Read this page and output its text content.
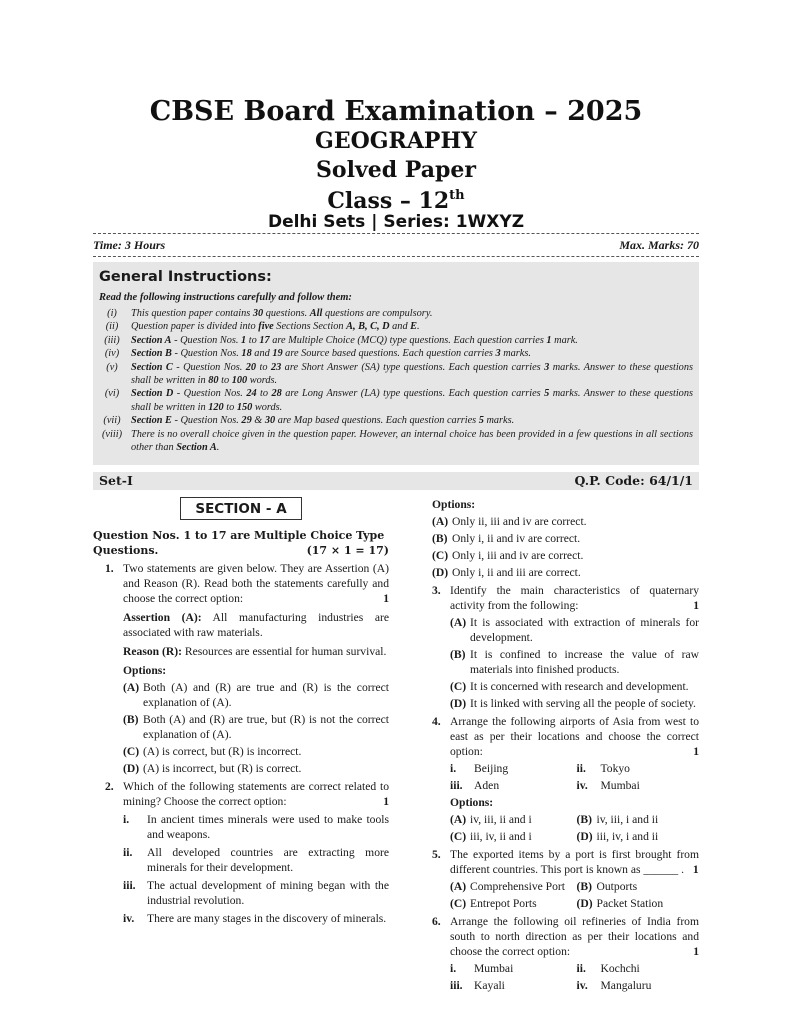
CBSE Board Examination – 2025
GEOGRAPHY
Solved Paper
Class – 12th
Delhi Sets | Series: 1WXYZ
Time: 3 Hours	Max. Marks: 70
General Instructions:
Read the following instructions carefully and follow them:
(i)	This question paper contains 30 questions. All questions are compulsory.
(ii)	Question paper is divided into five Sections Section A, B, C, D and E.
(iii)	Section A - Question Nos. 1 to 17 are Multiple Choice (MCQ) type questions. Each question carries 1 mark.
(iv)	Section B - Question Nos. 18 and 19 are Source based questions. Each question carries 3 marks.
(v)	Section C - Question Nos. 20 to 23 are Short Answer (SA) type questions. Each question carries 3 marks. Answer to these questions shall be written in 80 to 100 words.
(vi)	Section D - Question Nos. 24 to 28 are Long Answer (LA) type questions. Each question carries 5 marks. Answer to these questions shall be written in 120 to 150 words.
(vii)	Section E - Question Nos. 29 & 30 are Map based questions. Each question carries 5 marks.
(viii) There is no overall choice given in the question paper. However, an internal choice has been provided in a few questions in all sections other than Section A.
Set-I	Q.P. Code: 64/1/1
SECTION - A
Question Nos. 1 to 17 are Multiple Choice Type
Questions.	(17 × 1 = 17)
1. Two statements are given below. They are Assertion (A) and Reason (R). Read both the statements carefully and choose the correct option:	1
Assertion (A): All manufacturing industries are associated with raw materials.
Reason (R): Resources are essential for human survival.
Options:
(A) Both (A) and (R) are true and (R) is the correct explanation of (A).
(B) Both (A) and (R) are true, but (R) is not the correct explanation of (A).
(C) (A) is correct, but (R) is incorrect.
(D) (A) is incorrect, but (R) is correct.
2. Which of the following statements are correct related to mining? Choose the correct option:	1
i.	In ancient times minerals were used to make tools and weapons.
ii.	All developed countries are extracting more minerals for their development.
iii. The actual development of mining began with the industrial revolution.
iv.	There are many stages in the discovery of minerals.
Options:
(A) Only ii, iii and iv are correct.
(B) Only i, ii and iv are correct.
(C) Only i, iii and iv are correct.
(D) Only i, ii and iii are correct.
3. Identify the main characteristics of quaternary activity from the following:	1
(A) It is associated with extraction of minerals for development.
(B) It is confined to increase the value of raw materials into finished products.
(C) It is concerned with research and development.
(D) It is linked with serving all the people of society.
4. Arrange the following airports of Asia from west to east as per their locations and choose the correct option:	1
i.	Beijing	ii.	Tokyo
iii. Aden	iv.	Mumbai
Options:
(A) iv, iii, ii and i	(B) iv, iii, i and ii
(C) iii, iv, ii and i	(D) iii, iv, i and ii
5. The exported items by a port is first brought from different countries. This port is known as ______ . 1
(A) Comprehensive Port (B) Outports
(C) Entrepot Ports	(D) Packet Station
6. Arrange the following oil refineries of India from south to north direction as per their locations and choose the correct option:	1
i.	Mumbai	ii.	Kochchi
iii. Kayali	iv.	Mangaluru
